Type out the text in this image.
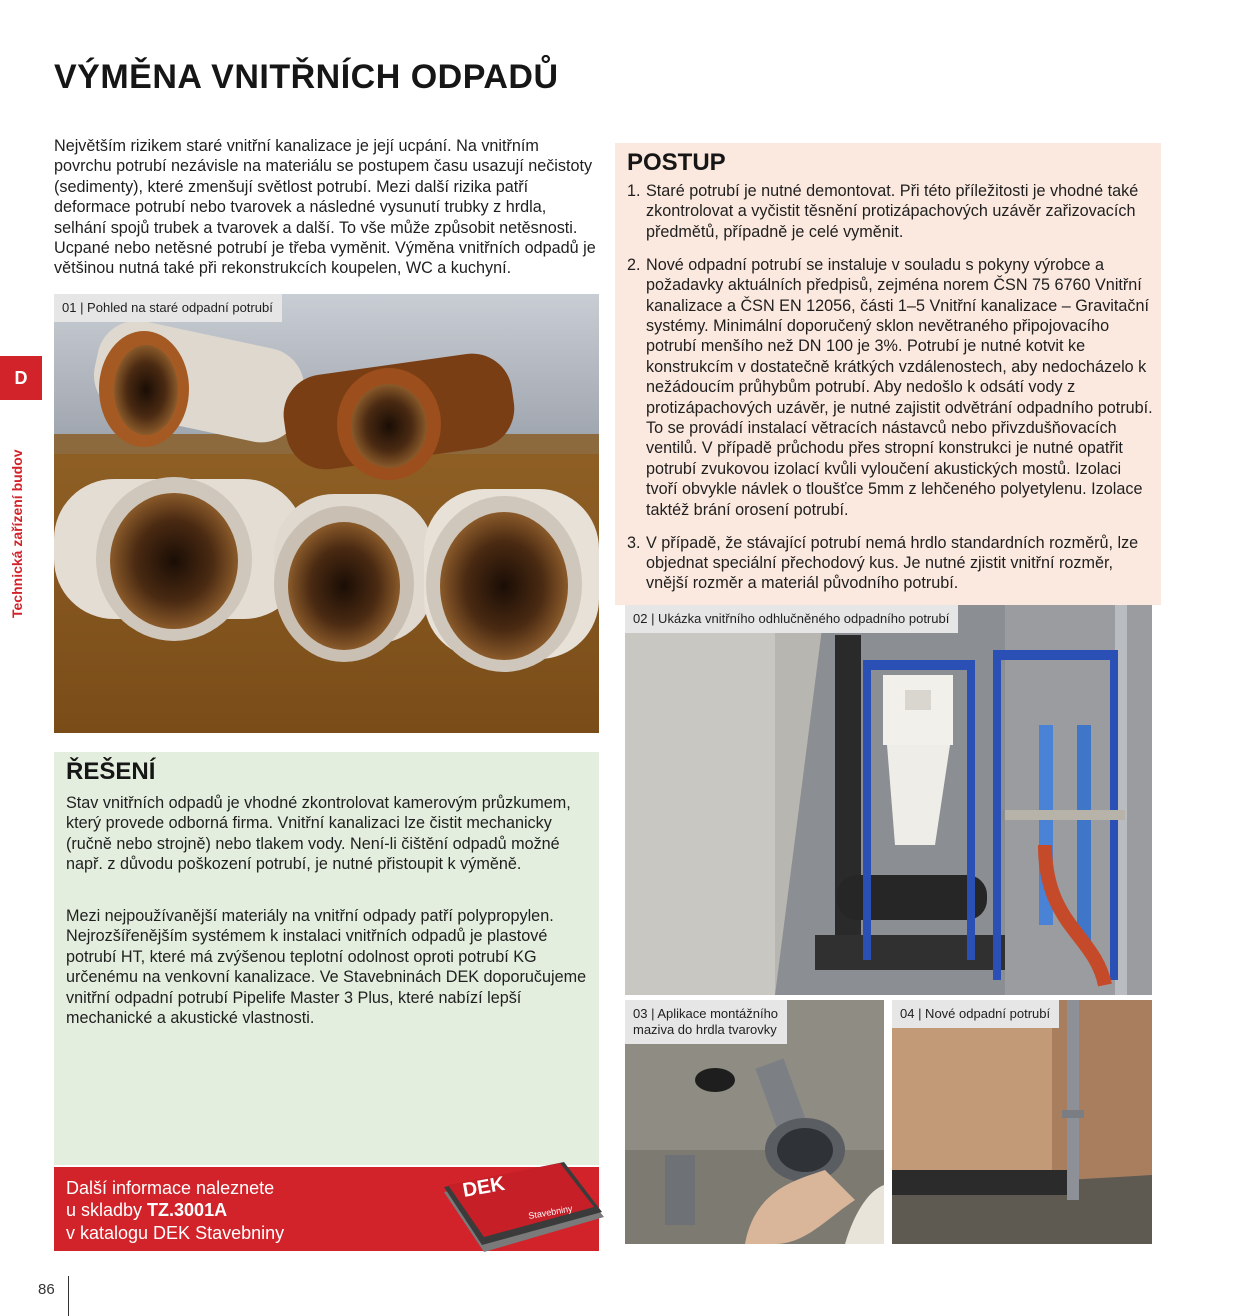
VÝMĚNA VNITŘNÍCH ODPADŮ

Největším rizikem staré vnitřní kanalizace je její ucpání. Na vnitřním povrchu potrubí nezávisle na materiálu se postupem času usazují nečistoty (sedimenty), které zmenšují světlost potrubí. Mezi další rizika patří deformace potrubí nebo tvarovek a následné vysunutí trubky z hrdla, selhání spojů trubek a tvarovek a další. To vše může způsobit netěsnosti. Ucpané nebo netěsné potrubí je třeba vyměnit. Výměna vnitřních odpadů je většinou nutná také při rekonstrukcích koupelen, WC a kuchyní.

D
Technická zařízení budov
01 | Pohled na staré odpadní potrubí
POSTUP
1. Staré potrubí je nutné demontovat. Při této příležitosti je vhodné také zkontrolovat a vyčistit těsnění protizápachových uzávěr zařizovacích předmětů, případně je celé vyměnit.
2. Nové odpadní potrubí se instaluje v souladu s pokyny výrobce a požadavky aktuálních předpisů, zejména norem ČSN 75 6760 Vnitřní kanalizace a ČSN EN 12056, části 1–5 Vnitřní kanalizace – Gravitační systémy. Minimální doporučený sklon nevětraného připojovacího potrubí menšího než DN 100 je 3%. Potrubí je nutné kotvit ke konstrukcím v dostatečně krátkých vzdálenostech, aby nedocházelo k nežádoucím průhybům potrubí. Aby nedošlo k odsátí vody z protizápachových uzávěr, je nutné zajistit odvětrání odpadního potrubí. To se provádí instalací větracích nástavců nebo přivzdušňovacích ventilů. V případě průchodu přes stropní konstrukci je nutné opatřit potrubí zvukovou izolací kvůli vyloučení akustických mostů. Izolaci tvoří obvykle návlek o tloušťce 5mm z lehčeného polyetylenu. Izolace taktéž brání orosení potrubí.
3. V případě, že stávající potrubí nemá hrdlo standardních rozměrů, lze objednat speciální přechodový kus. Je nutné zjistit vnitřní rozměr, vnější rozměr a materiál původního potrubí.
02 | Ukázka vnitřního odhlučněného odpadního potrubí
ŘEŠENÍ

Stav vnitřních odpadů je vhodné zkontrolovat kamerovým průzkumem, který provede odborná firma. Vnitřní kanalizaci lze čistit mechanicky (ručně nebo strojně) nebo tlakem vody. Není-li čištění odpadů možné např. z důvodu poškození potrubí, je nutné přistoupit k výměně.

Mezi nejpoužívanější materiály na vnitřní odpady patří polypropylen. Nejrozšířenějším systémem k instalaci vnitřních odpadů je plastové potrubí HT, které má zvýšenou teplotní odolnost oproti potrubí KG určenému na venkovní kanalizace. Ve Stavebninách DEK doporučujeme vnitřní odpadní potrubí Pipelife Master 3 Plus, které nabízí lepší mechanické a akustické vlastnosti.	03 | Aplikace montážního
maziva do hrdla tvarovky
04 | Nové odpadní potrubí
Další informace naleznete
u skladby TZ.3001A
v katalogu DEK Stavebniny
DEK
Stavebniny
86
